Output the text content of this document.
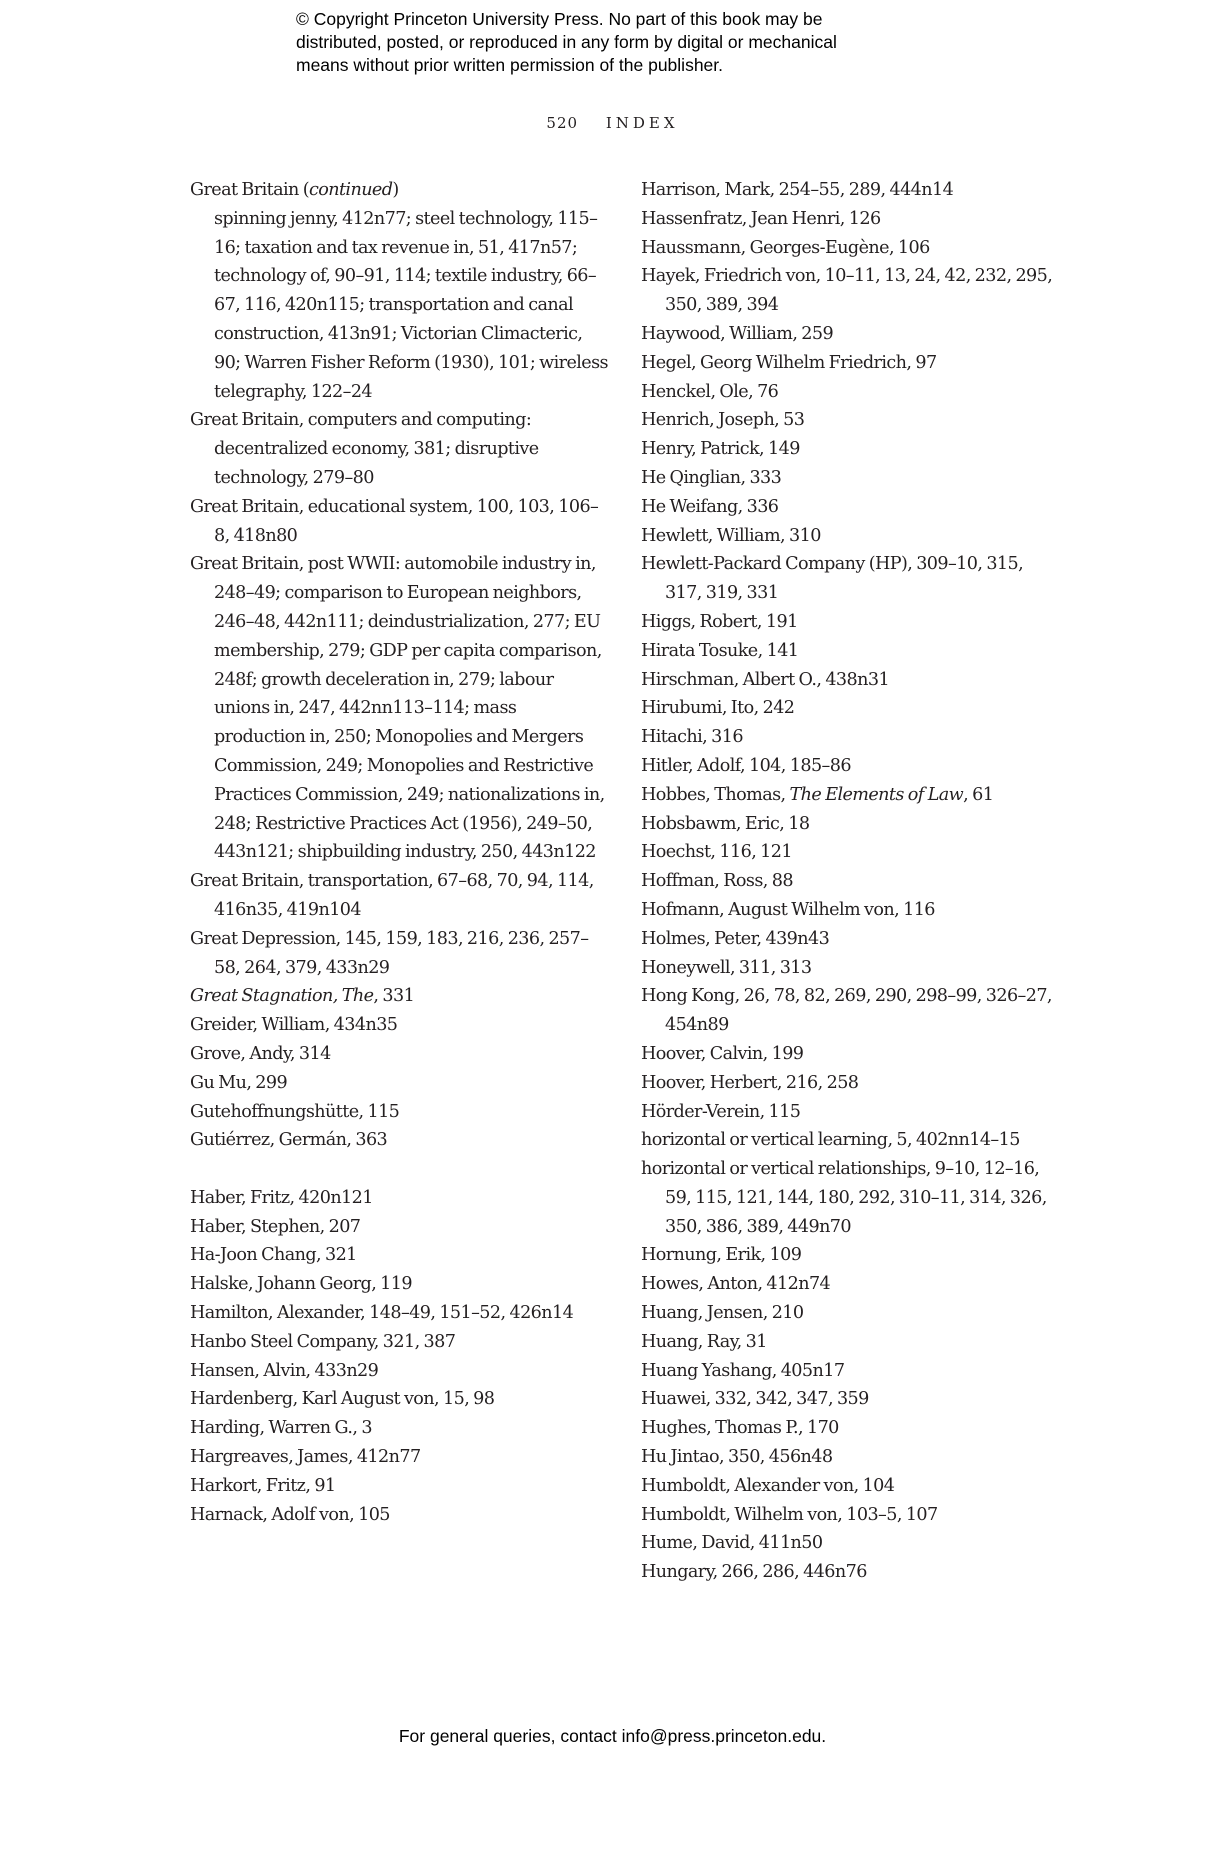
© Copyright Princeton University Press. No part of this book may be
distributed, posted, or reproduced in any form by digital or mechanical
means without prior written permission of the publisher.
520 INDEX
Great Britain (continued)
spinning jenny, 412n77; steel technology, 115–16; taxation and tax revenue in, 51, 417n57; technology of, 90–91, 114; textile industry, 66–67, 116, 420n115; transportation and canal construction, 413n91; Victorian Climacteric, 90; Warren Fisher Reform (1930), 101; wireless telegraphy, 122–24
Great Britain, computers and computing: decentralized economy, 381; disruptive technology, 279–80
Great Britain, educational system, 100, 103, 106–8, 418n80
Great Britain, post WWII: automobile industry in, 248–49; comparison to European neighbors, 246–48, 442n111; deindustrialization, 277; EU membership, 279; GDP per capita comparison, 248f; growth deceleration in, 279; labour unions in, 247, 442nn113–114; mass production in, 250; Monopolies and Mergers Commission, 249; Monopolies and Restrictive Practices Commission, 249; nationalizations in, 248; Restrictive Practices Act (1956), 249–50, 443n121; shipbuilding industry, 250, 443n122
Great Britain, transportation, 67–68, 70, 94, 114, 416n35, 419n104
Great Depression, 145, 159, 183, 216, 236, 257–58, 264, 379, 433n29
Great Stagnation, The, 331
Greider, William, 434n35
Grove, Andy, 314
Gu Mu, 299
Gutehoffnungshütte, 115
Gutiérrez, Germán, 363
Haber, Fritz, 420n121
Haber, Stephen, 207
Ha-Joon Chang, 321
Halske, Johann Georg, 119
Hamilton, Alexander, 148–49, 151–52, 426n14
Hanbo Steel Company, 321, 387
Hansen, Alvin, 433n29
Hardenberg, Karl August von, 15, 98
Harding, Warren G., 3
Hargreaves, James, 412n77
Harkort, Fritz, 91
Harnack, Adolf von, 105
Harrison, Mark, 254–55, 289, 444n14
Hassenfratz, Jean Henri, 126
Haussmann, Georges-Eugène, 106
Hayek, Friedrich von, 10–11, 13, 24, 42, 232, 295, 350, 389, 394
Haywood, William, 259
Hegel, Georg Wilhelm Friedrich, 97
Henckel, Ole, 76
Henrich, Joseph, 53
Henry, Patrick, 149
He Qinglian, 333
He Weifang, 336
Hewlett, William, 310
Hewlett-Packard Company (HP), 309–10, 315, 317, 319, 331
Higgs, Robert, 191
Hirata Tosuke, 141
Hirschman, Albert O., 438n31
Hirubumi, Ito, 242
Hitachi, 316
Hitler, Adolf, 104, 185–86
Hobbes, Thomas, The Elements of Law, 61
Hobsbawm, Eric, 18
Hoechst, 116, 121
Hoffman, Ross, 88
Hofmann, August Wilhelm von, 116
Holmes, Peter, 439n43
Honeywell, 311, 313
Hong Kong, 26, 78, 82, 269, 290, 298–99, 326–27, 454n89
Hoover, Calvin, 199
Hoover, Herbert, 216, 258
Hörder-Verein, 115
horizontal or vertical learning, 5, 402nn14–15
horizontal or vertical relationships, 9–10, 12–16, 59, 115, 121, 144, 180, 292, 310–11, 314, 326, 350, 386, 389, 449n70
Hornung, Erik, 109
Howes, Anton, 412n74
Huang, Jensen, 210
Huang, Ray, 31
Huang Yashang, 405n17
Huawei, 332, 342, 347, 359
Hughes, Thomas P., 170
Hu Jintao, 350, 456n48
Humboldt, Alexander von, 104
Humboldt, Wilhelm von, 103–5, 107
Hume, David, 411n50
Hungary, 266, 286, 446n76
For general queries, contact info@press.princeton.edu.
